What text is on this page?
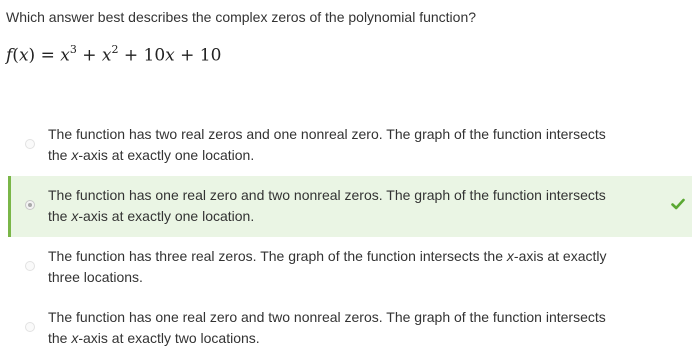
Which answer best describes the complex zeros of the polynomial function?
$f(x) = x^3 + x^2 + 10x + 10$
The function has two real zeros and one nonreal zero. The graph of the function intersects
the x-axis at exactly one location.
The function has one real zero and two nonreal zeros. The graph of the function intersects
the x-axis at exactly one location.
The function has three real zeros. The graph of the function intersects the x-axis at exactly
three locations.
The function has one real zero and two nonreal zeros. The graph of the function intersects
the x-axis at exactly two locations.
